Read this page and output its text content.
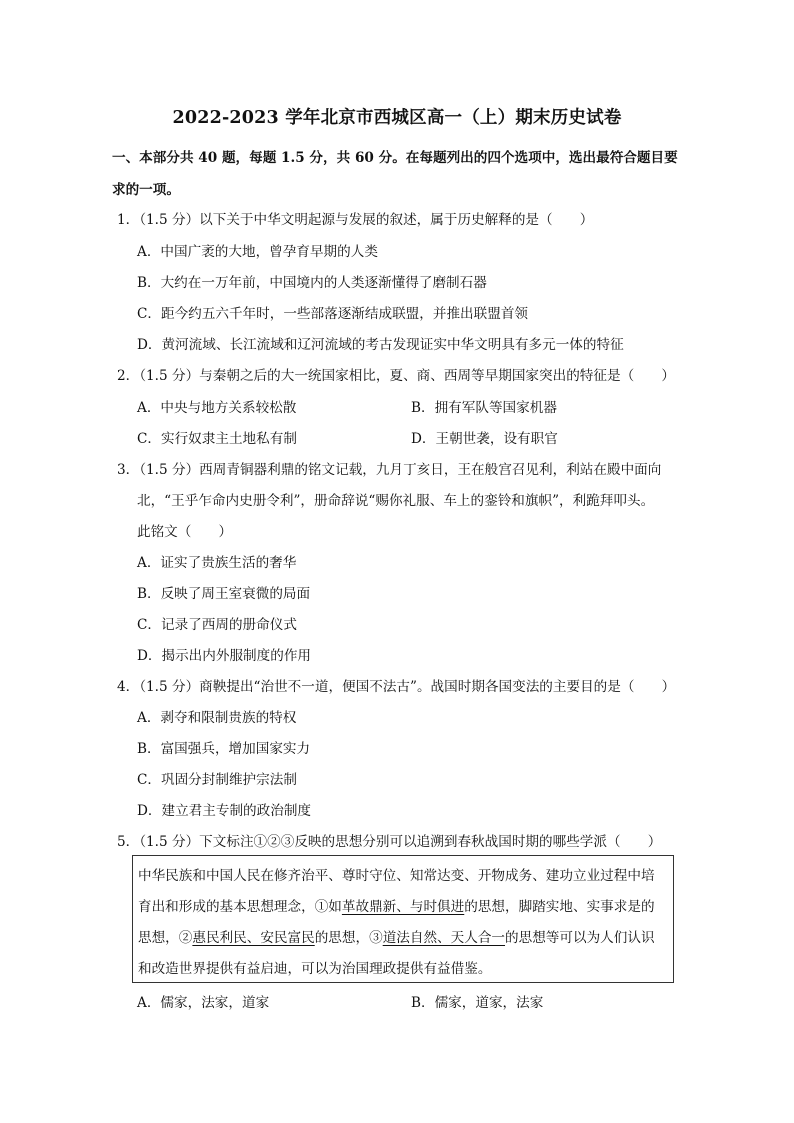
2022-2023 学年北京市西城区高一（上）期末历史试卷
一、本部分共 40 题，每题 1.5 分，共 60 分。在每题列出的四个选项中，选出最符合题目要
求的一项。
1．（1.5 分）以下关于中华文明起源与发展的叙述，属于历史解释的是（　　）
A．中国广袤的大地，曾孕育早期的人类
B．大约在一万年前，中国境内的人类逐渐懂得了磨制石器
C．距今约五六千年时，一些部落逐渐结成联盟，并推出联盟首领
D．黄河流域、长江流域和辽河流域的考古发现证实中华文明具有多元一体的特征
2．（1.5 分）与秦朝之后的大一统国家相比，夏、商、西周等早期国家突出的特征是（　　）
A．中央与地方关系较松散	B．拥有军队等国家机器
C．实行奴隶主土地私有制	D．王朝世袭，设有职官
3．（1.5 分）西周青铜器利鼎的铭文记载，九月丁亥日，王在般宫召见利，利站在殿中面向
北，“王乎乍命内史册令利”，册命辞说“赐你礼服、车上的銮铃和旗帜”，利跪拜叩头。
此铭文（　　）
A．证实了贵族生活的奢华
B．反映了周王室衰微的局面
C．记录了西周的册命仪式
D．揭示出内外服制度的作用
4．（1.5 分）商鞅提出“治世不一道，便国不法古”。战国时期各国变法的主要目的是（　　）
A．剥夺和限制贵族的特权
B．富国强兵，增加国家实力
C．巩固分封制维护宗法制
D．建立君主专制的政治制度
5．（1.5 分）下文标注①②③反映的思想分别可以追溯到春秋战国时期的哪些学派（　　）
中华民族和中国人民在修齐治平、尊时守位、知常达变、开物成务、建功立业过程中培
育出和形成的基本思想理念，①如革故鼎新、与时俱进的思想，脚踏实地、实事求是的
思想，②惠民利民、安民富民的思想，③道法自然、天人合一的思想等可以为人们认识
和改造世界提供有益启迪，可以为治国理政提供有益借鉴。
A．儒家，法家，道家	B．儒家，道家，法家
